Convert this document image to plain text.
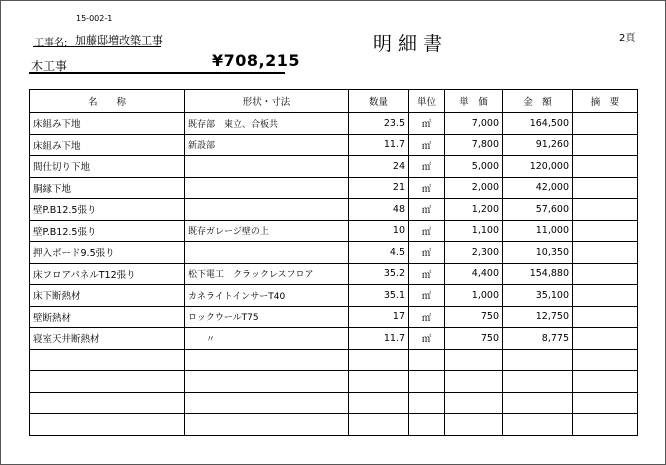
15-002-1
工事名: 加藤邸増改築工事	明細書	2頁
木工事	¥708,215
名　　称	形状・寸法	数量	単位	単　価	金　額	摘　要
床組み下地	既存部　東立、合板共	23.5	㎡	7,000	164,500	
床組み下地	新設部	11.7	㎡	7,800	91,260	
間仕切り下地		24	㎡	5,000	120,000	
胴縁下地		21	㎡	2,000	42,000	
壁P.B12.5張り		48	㎡	1,200	57,600	
壁P.B12.5張り	既存ガレージ壁の上	10	㎡	1,100	11,000	
押入ボード9.5張り		4.5	㎡	2,300	10,350	
床フロアパネルT12張り	松下電工　クラックレスフロア	35.2	㎡	4,400	154,880	
床下断熱材	カネライトインサーT40	35.1	㎡	1,000	35,100	
壁断熱材	ロックウールT75	17	㎡	750	12,750	
寝室天井断熱材	　　〃	11.7	㎡	750	8,775	
